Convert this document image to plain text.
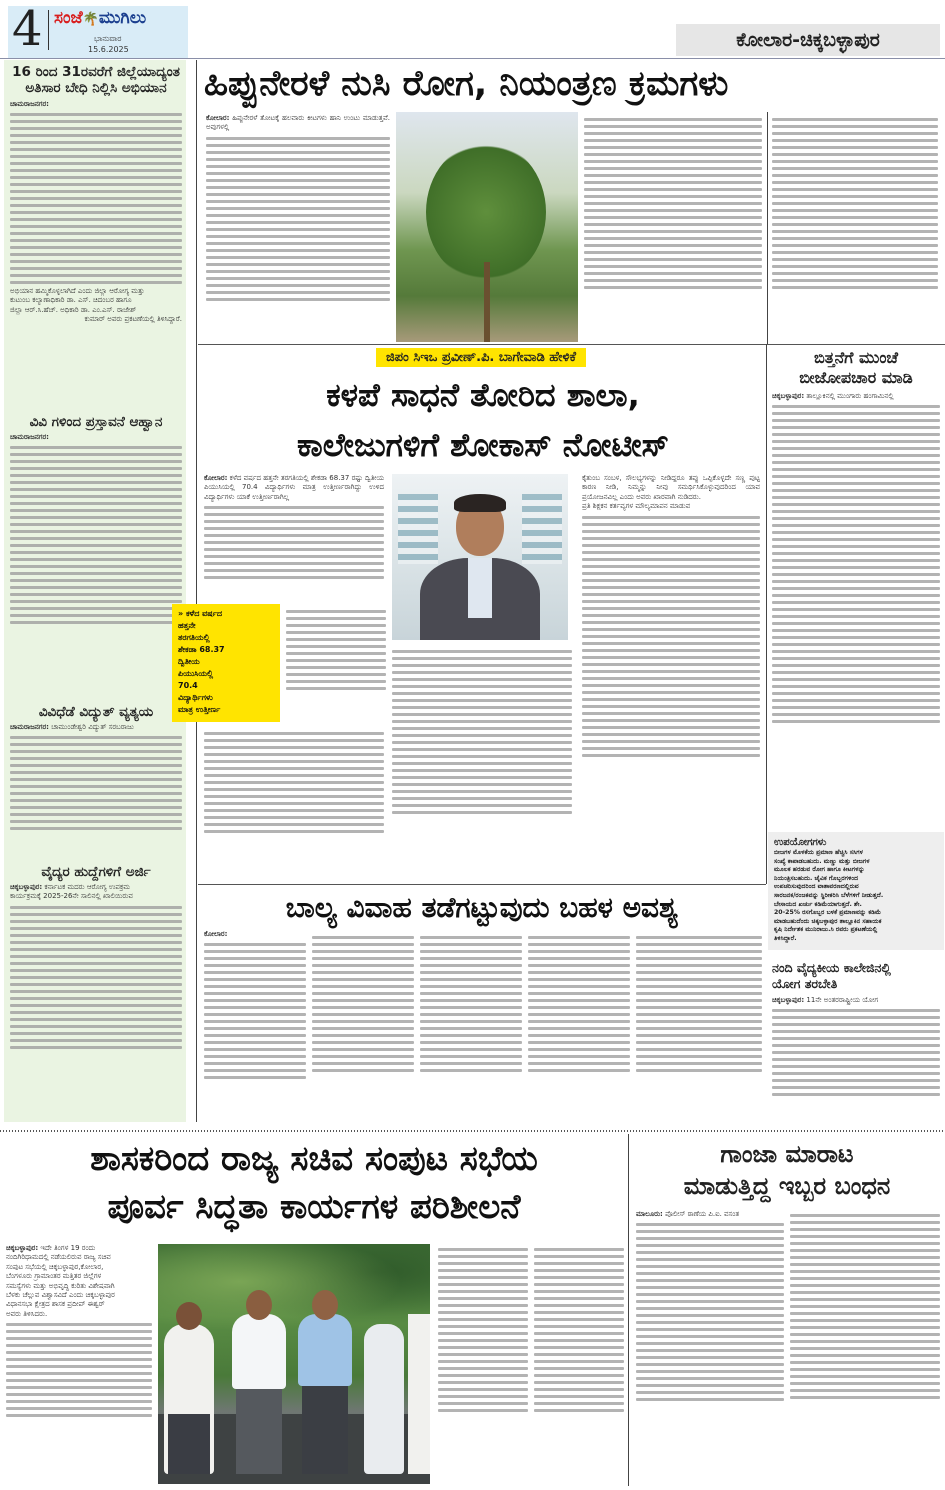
4 ಸಂಜೆ🌴ಮುಗಿಲು
ಭಾನುವಾರ
15.6.2025	ಕೋಲಾರ-ಚಿಕ್ಕಬಳ್ಳಾಪುರ
16 ರಿಂದ 31ರವರೆಗೆ ಜಿಲ್ಲೆಯಾದ್ಯಂತ ಅತಿಸಾರ ಬೇಧಿ ನಿಲ್ಲಿಸಿ ಅಭಿಯಾನ
ಚಾಮರಾಜನಗರ:
ಅಭಿಯಾನ ಹಮ್ಮಿಕೊಳ್ಳಲಾಗಿದೆ ಎಂದು ಜಿಲ್ಲಾ ಆರೋಗ್ಯ ಮತ್ತು
ಕುಟುಂಬ ಕಲ್ಯಾಣಾಧಿಕಾರಿ ಡಾ. ಎಸ್. ಚಿದಂಬರ ಹಾಗೂ
ಜಿಲ್ಲಾ ಆರ್.ಸಿ.ಹೆಚ್. ಅಧಿಕಾರಿ ಡಾ. ಎಂ.ಎಸ್. ರಾಜೇಶ್
ಕುಮಾರ್ ಅವರು ಪ್ರಕಟಣೆಯಲ್ಲಿ ತಿಳಿಸಿದ್ದಾರೆ.
ವಿವಿ ಗಳಿಂದ ಪ್ರಸ್ತಾವನೆ ಆಹ್ವಾನ
ಚಾಮರಾಜನಗರ:
ವಿವಿಧೆಡೆ ವಿದ್ಯುತ್ ವ್ಯತ್ಯಯ
ಚಾಮರಾಜನಗರ: ಚಾಮುಂಡೇಶ್ವರಿ ವಿದ್ಯುತ್ ಸರಬರಾಜು
ವೈದ್ಯರ ಹುದ್ದೆಗಳಿಗೆ ಅರ್ಜಿ
ಚಿಕ್ಕಬಳ್ಳಾಪುರ: ಕರ್ನಾಟಕ ಮದರು ಆರೋಗ್ಯ ಉಪಕ್ರಮ
ಕಾರ್ಯಕ್ರಮಕ್ಕೆ 2025-26ನೇ ಸಾಲಿನಲ್ಲಿ ಖಾಲಿಯಿರುವ
ಹಿಪ್ಪುನೇರಳೆ ನುಸಿ ರೋಗ, ನಿಯಂತ್ರಣ ಕ್ರಮಗಳು
ಕೋಲಾರ: ಹಿಪ್ಪುನೇರಳೆ ತೋಟಕ್ಕೆ ಹಲವಾರು ಕೀಟಗಳು ಹಾನಿ ಉಂಟು ಮಾಡುತ್ತವೆ. ಅವುಗಳಲ್ಲಿ
ಜಿಪಂ ಸಿಇಒ ಪ್ರವೀಣ್.ಪಿ. ಬಾಗೇವಾಡಿ ಹೇಳಿಕೆ
ಕಳಪೆ ಸಾಧನೆ ತೋರಿದ ಶಾಲಾ,
ಕಾಲೇಜುಗಳಿಗೆ ಶೋಕಾಸ್ ನೋಟೀಸ್
ಕೋಲಾರ: ಕಳೆದ ವರ್ಷದ ಹತ್ತನೇ ತರಗತಿಯಲ್ಲಿ ಶೇಕಡಾ 68.37 ರಷ್ಟು ದ್ವಿತೀಯ ಪಿಯುಸಿಯಲ್ಲಿ 70.4 ವಿದ್ಯಾರ್ಥಿಗಳು ಮಾತ್ರ ಉತ್ತೀರ್ಣರಾಗಿದ್ದು ಉಳಿದ ವಿದ್ಯಾರ್ಥಿಗಳು ಯಾಕೆ ಉತ್ತೀರ್ಣರಾಗಿಲ್ಲ
» ಕಳೆದ ವರ್ಷದ
ಹತ್ತನೇ
ತರಗತಿಯಲ್ಲಿ
ಶೇಕಡಾ 68.37
ದ್ವಿತೀಯ
ಪಿಯುಸಿಯಲ್ಲಿ
70.4
ವಿದ್ಯಾರ್ಥಿಗಳು
ಮಾತ್ರ ಉತ್ತೀರ್ಣ
ಕೈತುಂಬ ಸಂಬಳ, ಸೌಲಭ್ಯಗಳನ್ನು ನೀಡಿದ್ದರೂ ತಪ್ಪು ಒಪ್ಪಿಕೊಳ್ಳದೇ ಸಣ್ಣ ಪುಟ್ಟ ಕಾರಣ ನೀಡಿ, ನಿಮ್ಮನ್ನು ನೀವು ಸಮರ್ಥಿಸಿಕೊಳ್ಳುವುದರಿಂದ ಯಾವ ಪ್ರಯೋಜನವಿಲ್ಲ ಎಂದು ಅವರು ಖಾರವಾಗಿ ನುಡಿದರು.
ಪ್ರತಿ ಶಿಕ್ಷಕನ ಕರ್ತವ್ಯಗಳ ಮೌಲ್ಯಮಾಪನ ಮಾಡುವ
ಬಿತ್ತನೆಗೆ ಮುಂಚೆ
ಬೀಜೋಪಚಾರ ಮಾಡಿ
ಚಿಕ್ಕಬಳ್ಳಾಪುರ: ತಾಲ್ಲೂಕಿನಲ್ಲಿ ಮುಂಗಾರು ಹಂಗಾಮಿನಲ್ಲಿ
ಉಪಯೋಗಗಳು
ಬೀಜಗಳ ಮೊಳಕೆಯ ಪ್ರಮಾಣ ಹೆಚ್ಚಿಸಿ ಸಸಿಗಳ
ಸಂಖ್ಯೆ ಕಾಪಾಡಬಹುದು. ಮಣ್ಣು ಮತ್ತು ಬೀಜಗಳ
ಮೂಲಕ ಹರಡುವ ರೋಗ ಹಾಗೂ ಕೀಟಗಳನ್ನು
ನಿಯಂತ್ರಿಸಬಹುದು. ಜೈವಿಕ ಗೊಬ್ಬರಗಳಿಂದ
ಉಪಚರಿಸುವುದರಿಂದ ವಾತಾವರಣದಲ್ಲಿರುವ
ಸಾರಜನಕ/ರಂಜಕವನ್ನು ಸ್ಥಿರೀಕರಿಸಿ ಬೆಳೆಗಳಿಗೆ ನೀಡುತ್ತದೆ.
ಬೇಸಾಯದ ಖರ್ಚು ಕಡಿಮೆಯಾಗುತ್ತದೆ. ಶೇ.
20-25% ರಸಗೊಬ್ಬರ ಬಳಕೆ ಪ್ರಮಾಣವನ್ನು ಕಡಿಮೆ
ಮಾಡಬಹುದೆಂದು ಚಿಕ್ಕಬಳ್ಳಾಪುರ ತಾಲ್ಲೂಕಿನ ಸಹಾಯಕ
ಕೃಷಿ ನಿರ್ದೇಶಕ ಮುನಿರಾಜು.ಸಿ ರವರು ಪ್ರಕಟಣೆಯಲ್ಲಿ
ತಿಳಿಸಿದ್ದಾರೆ.
ನಂದಿ ವೈದ್ಯಕೀಯ ಕಾಲೇಜಿನಲ್ಲಿ
ಯೋಗ ತರಬೇತಿ
ಚಿಕ್ಕಬಳ್ಳಾಪುರ: 11ನೇ ಅಂತರರಾಷ್ಟ್ರೀಯ ಯೋಗ
ಬಾಲ್ಯ ವಿವಾಹ ತಡೆಗಟ್ಟುವುದು ಬಹಳ ಅವಶ್ಯ
ಕೋಲಾರ:
ಶಾಸಕರಿಂದ ರಾಜ್ಯ ಸಚಿವ ಸಂಪುಟ ಸಭೆಯ
ಪೂರ್ವ ಸಿದ್ಧತಾ ಕಾರ್ಯಗಳ ಪರಿಶೀಲನೆ
ಚಿಕ್ಕಬಳ್ಳಾಪುರ: ಇದೇ ತಿಂಗಳ 19 ರಂದು
ನಂದಿಗಿರಿಧಾಮದಲ್ಲಿ ನಡೆಯಲಿರುವ ರಾಜ್ಯ ಸಚಿವ
ಸಂಪುಟ ಸಭೆಯಲ್ಲಿ ಚಿಕ್ಕಬಳ್ಳಾಪುರ,ಕೋಲಾರ,
ಬೆಂಗಳೂರು ಗ್ರಾಮಾಂತರ ಮತ್ತಿತರ ಜಿಲ್ಲೆಗಳ
ಸಮಸ್ಯೆಗಳು ಮತ್ತು ಅಭಿವೃದ್ಧಿ ಕುರಿತು ವಿಶೇಷವಾಗಿ
ಬೆಳಕು ಚೆಲ್ಲುವ ವಿಶ್ವಾಸವಿದೆ ಎಂದು ಚಿಕ್ಕಬಳ್ಳಾಪುರ
ವಿಧಾನಸಭಾ ಕ್ಷೇತ್ರದ ಶಾಸಕ ಪ್ರದೀಪ್ ಈಶ್ವರ್
ಅವರು ತಿಳಿಸಿದರು.
ಗಾಂಜಾ ಮಾರಾಟ
ಮಾಡುತ್ತಿದ್ದ ಇಬ್ಬರ ಬಂಧನ
ಮಾಲೂರು: ಪೊಲೀಸ್ ಠಾಣೆಯ ಪಿ.ಐ. ವಸಂತ
